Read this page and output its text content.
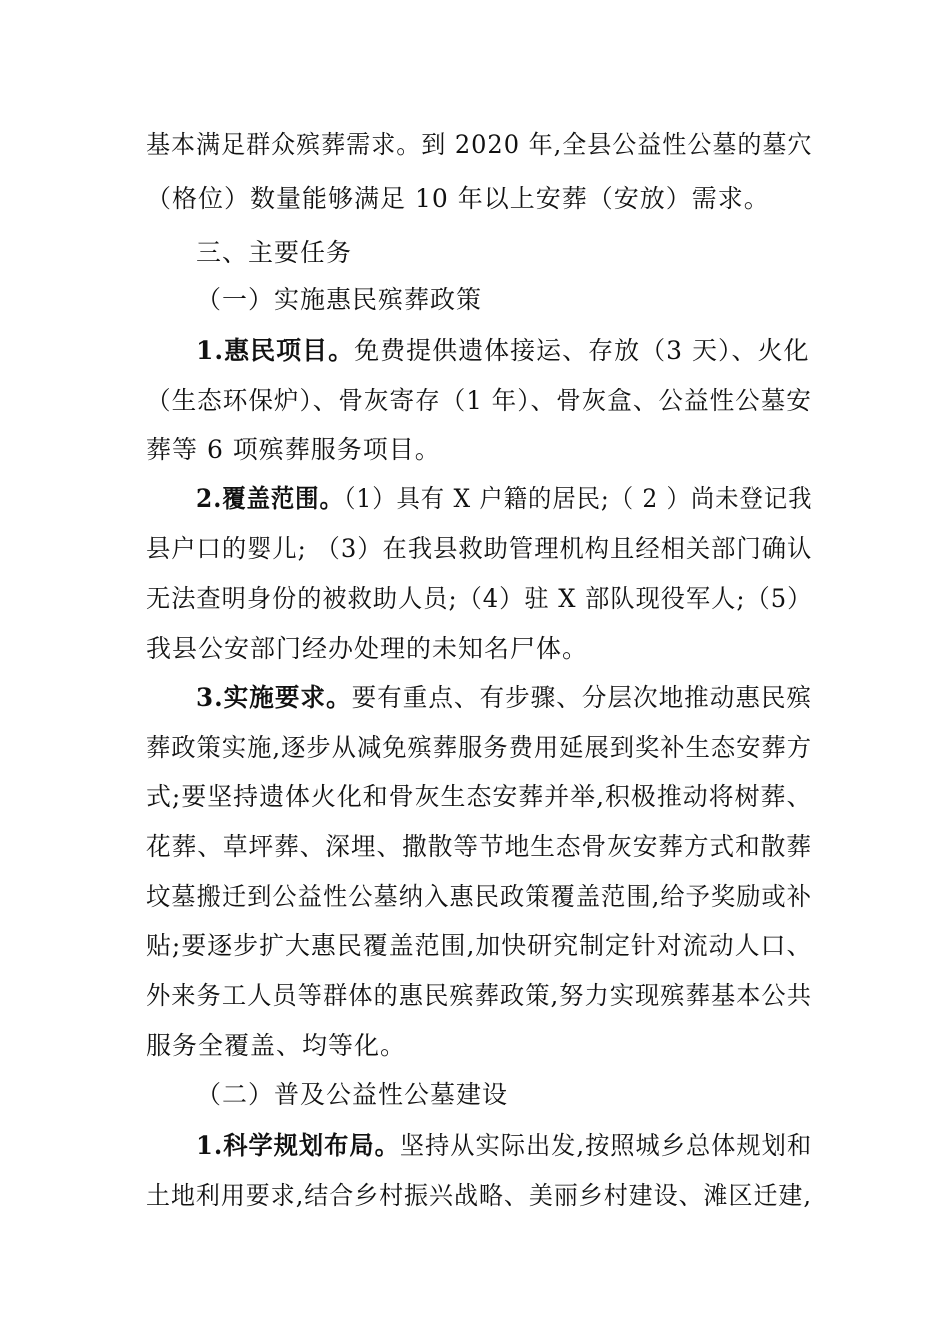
基本满足群众殡葬需求。到 2020 年,全县公益性公墓的墓穴
（格位）数量能够满足 10 年以上安葬（安放）需求。
三、主要任务
（一）实施惠民殡葬政策
1.惠民项目。免费提供遗体接运、存放（3 天）、火化
（生态环保炉）、骨灰寄存（1 年）、骨灰盒、公益性公墓安
葬等 6 项殡葬服务项目。
2.覆盖范围。（1）具有 X 户籍的居民;（ 2 ）尚未登记我
县户口的婴儿; （3）在我县救助管理机构且经相关部门确认
无法查明身份的被救助人员;（4）驻 X 部队现役军人;（5）
我县公安部门经办处理的未知名尸体。
3.实施要求。要有重点、有步骤、分层次地推动惠民殡
葬政策实施,逐步从减免殡葬服务费用延展到奖补生态安葬方
式;要坚持遗体火化和骨灰生态安葬并举,积极推动将树葬、
花葬、草坪葬、深埋、撒散等节地生态骨灰安葬方式和散葬
坟墓搬迁到公益性公墓纳入惠民政策覆盖范围,给予奖励或补
贴;要逐步扩大惠民覆盖范围,加快研究制定针对流动人口、
外来务工人员等群体的惠民殡葬政策,努力实现殡葬基本公共
服务全覆盖、均等化。
（二）普及公益性公墓建设
1.科学规划布局。坚持从实际出发,按照城乡总体规划和
土地利用要求,结合乡村振兴战略、美丽乡村建设、滩区迁建,
